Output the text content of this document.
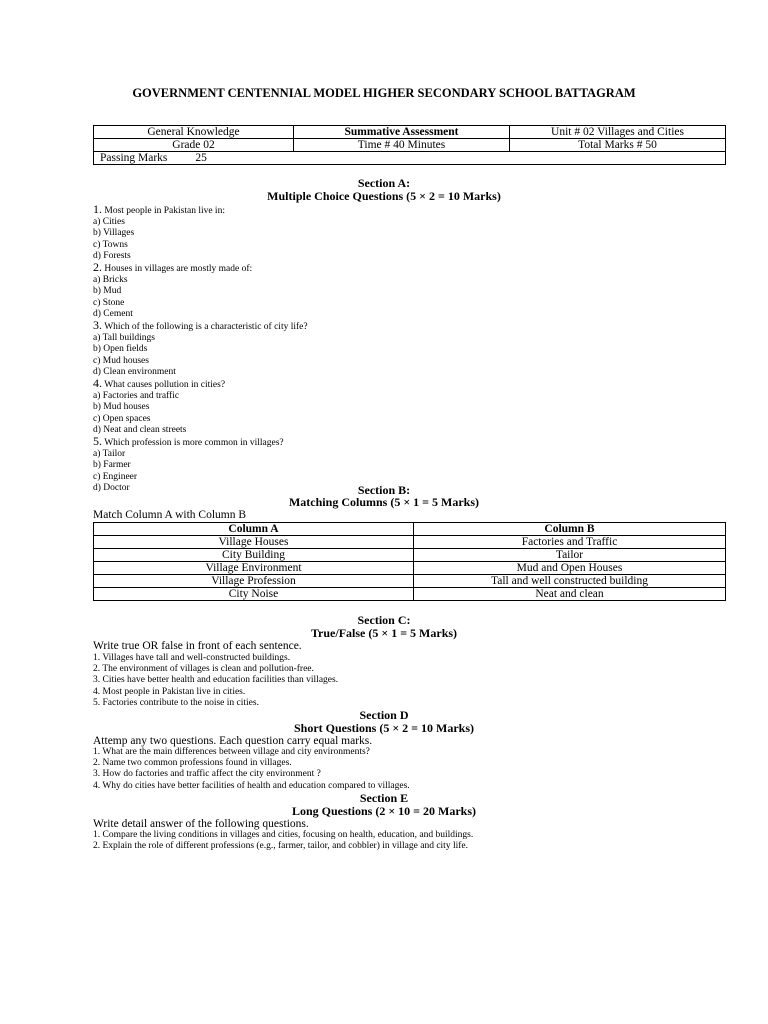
GOVERNMENT CENTENNIAL MODEL HIGHER SECONDARY SCHOOL BATTAGRAM
General Knowledge	Summative Assessment	Unit # 02 Villages and Cities
Grade 02	Time # 40 Minutes	Total Marks # 50
Passing Marks 25		
Section A:
Multiple Choice Questions (5 × 2 = 10 Marks)
1. Most people in Pakistan live in:
a) Cities
b) Villages
c) Towns
d) Forests
2. Houses in villages are mostly made of:
a) Bricks
b) Mud
c) Stone
d) Cement
3. Which of the following is a characteristic of city life?
a) Tall buildings
b) Open fields
c) Mud houses
d) Clean environment
4. What causes pollution in cities?
a) Factories and traffic
b) Mud houses
c) Open spaces
d) Neat and clean streets
5. Which profession is more common in villages?
a) Tailor
b) Farmer
c) Engineer
d) Doctor	Section B:
Matching Columns (5 × 1 = 5 Marks)
Match Column A with Column B
Column A	Column B
Village Houses	Factories and Traffic
City Building	Tailor
Village Environment	Mud and Open Houses
Village Profession	Tall and well constructed building
City Noise	Neat and clean
Section C:
True/False (5 × 1 = 5 Marks)
Write true OR false in front of each sentence.
1. Villages have tall and well-constructed buildings.
2. The environment of villages is clean and pollution-free.
3. Cities have better health and education facilities than villages.
4. Most people in Pakistan live in cities.
5. Factories contribute to the noise in cities.
Section D
Short Questions (5 × 2 = 10 Marks)
Attemp any two questions. Each question carry equal marks.
1. What are the main differences between village and city environments?
2. Name two common professions found in villages.
3. How do factories and traffic affect the city environment ?
4. Why do cities have better facilities of health and education compared to villages.
Section E
Long Questions (2 × 10 = 20 Marks)
Write detail answer of the following questions.
1. Compare the living conditions in villages and cities, focusing on health, education, and buildings.
2. Explain the role of different professions (e.g., farmer, tailor, and cobbler) in village and city life.
